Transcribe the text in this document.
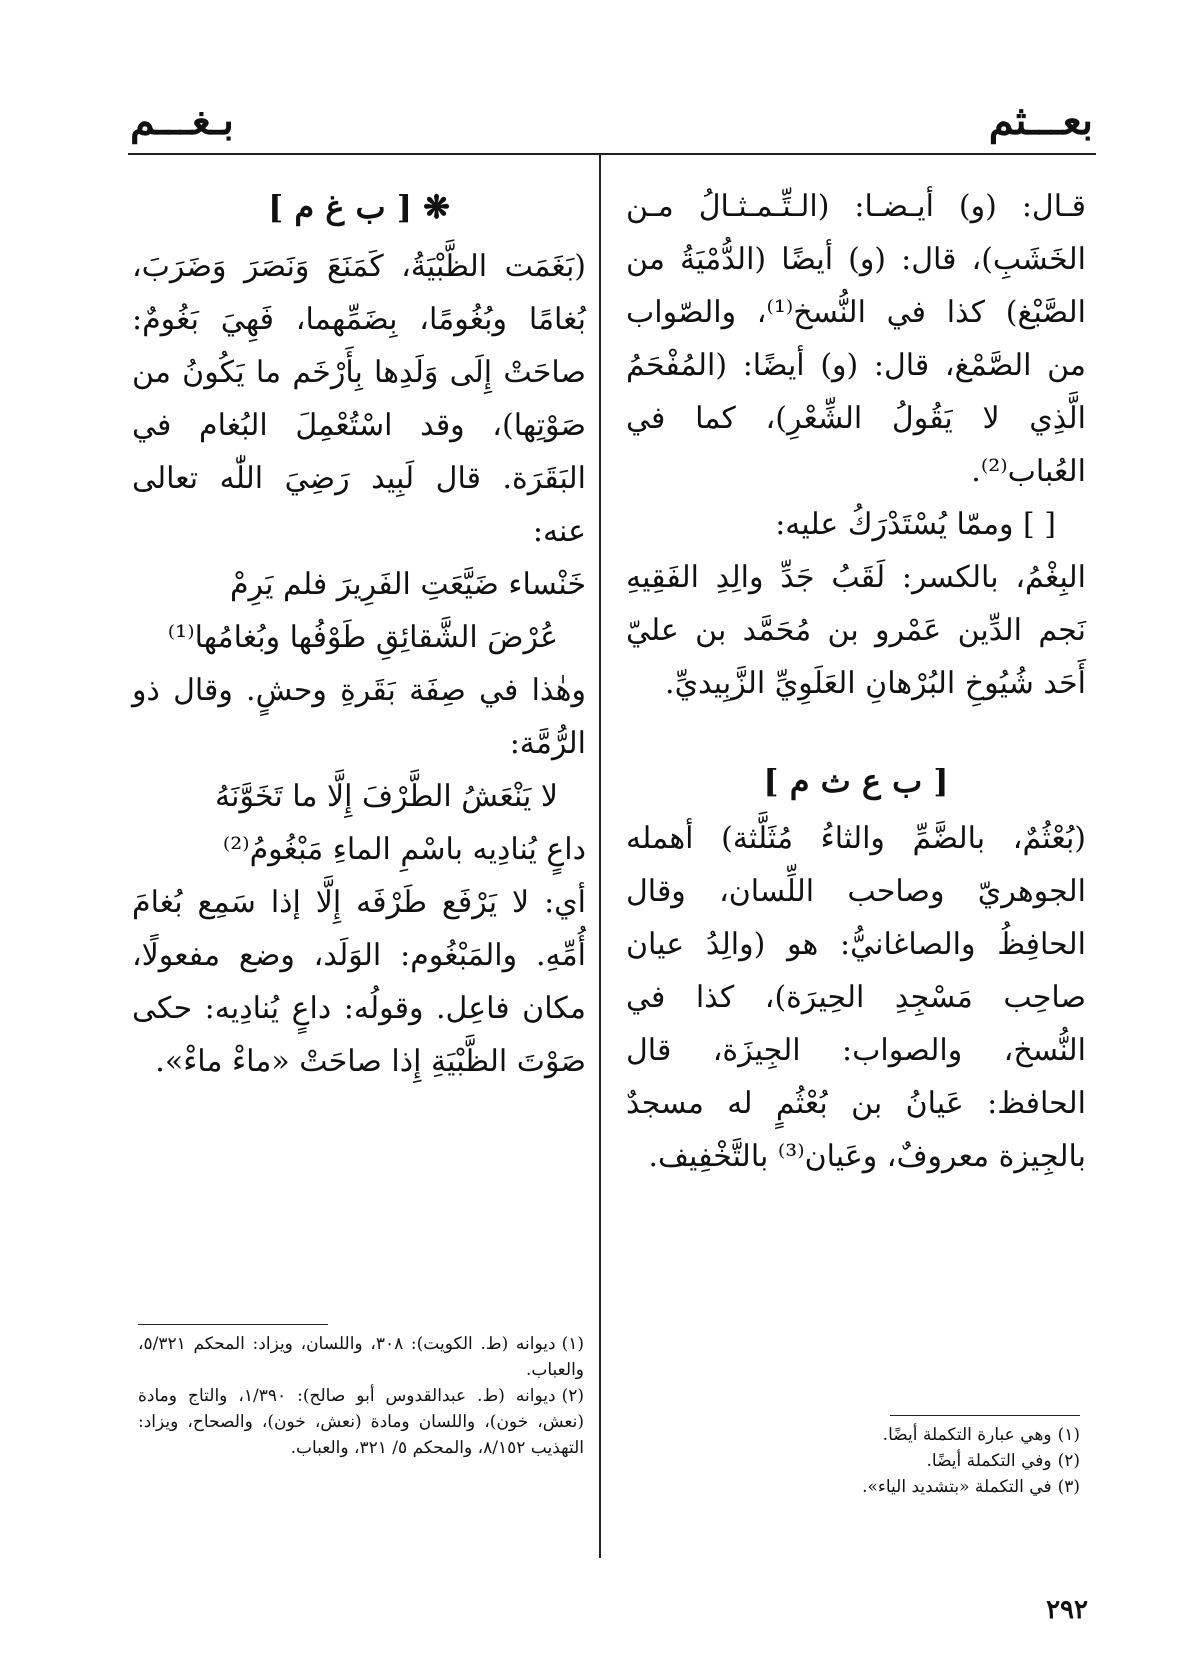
بعـــثم
بـغـــم

قـال: (و) أيـضـا: (الـتِّـمـثـالُ مـن الخَشَبِ)، قال: (و) أيضًا (الدُّمْيَةُ من الصَّبْغ) كذا في النُّسخ⁽¹⁾، والصّواب من الصَّمْغ، قال: (و) أيضًا: (المُفْحَمُ الَّذِي لا يَقُولُ الشِّعْرِ)، كما في العُباب⁽²⁾.

[ ] وممّا يُسْتَدْرَكُ عليه:

البِغْمُ، بالكسر: لَقَبُ جَدِّ والِدِ الفَقِيهِ نَجم الدِّين عَمْرو بن مُحَمَّد بن عليّ أَحَد شُيُوخِ البُرْهانِ العَلَوِيِّ الزَّبِيديِّ.

[ ب ع ث م ]

(بُعْثُمٌ، بالضَّمِّ والثاءُ مُثَلَّثة) أهمله الجوهريّ وصاحب اللِّسان، وقال الحافِظُ والصاغانيُّ: هو (والِدُ عيان صاحِب مَسْجِدِ الحِيرَة)، كذا في النُّسخ، والصواب: الجِيزَة، قال الحافظ: عَيانُ بن بُعْثُمٍ له مسجدٌ بالجِيزة معروفٌ، وعَيان⁽³⁾ بالتَّخْفِيف.

❋ [ ب غ م ]

(بَغَمَت الظَّبْيَةُ، كَمَنَعَ وَنَصَرَ وَضَرَبَ، بُغامًا وبُغُومًا، بِضَمِّهما، فَهِيَ بَغُومٌ: صاحَتْ إِلَى وَلَدِها بِأَرْخَم ما يَكُونُ من صَوْتِها)، وقد اسْتُعْمِلَ البُغام في البَقَرَة. قال لَبِيد رَضِيَ اللّٰه تعالى عنه:

خَنْساء ضَيَّعَتِ الفَرِيرَ فلم يَرِمْ

عُرْضَ الشَّقائِقِ طَوْفُها وبُغامُها⁽¹⁾

وهٰذا في صِفَة بَقَرةِ وحشٍ. وقال ذو الرُّمَّة:

لا يَنْعَشُ الطَّرْفَ إِلَّا ما تَخَوَّنَهُ

داعٍ يُنادِيه باسْمِ الماءِ مَبْغُومُ⁽²⁾

أي: لا يَرْفَع طَرْفَه إِلَّا إذا سَمِع بُغامَ أُمِّهِ. والمَبْغُوم: الوَلَد، وضع مفعولًا، مكان فاعِل. وقولُه: داعٍ يُنادِيه: حكى صَوْتَ الظَّبْيَةِ إِذا صاحَتْ «ماءْ ماءْ».

(١)ديوانه (ط. الكويت): ٣٠٨، واللسان، ويزاد: المحكم ٥/٣٢١، والعباب.

(٢)ديوانه (ط. عبدالقدوس أبو صالح): ١/٣٩٠، والتاج ومادة (نعش، خون)، واللسان ومادة (نعش، خون)، والصحاح، ويزاد: التهذيب ٨/١٥٢، والمحكم ٥/ ٣٢١، والعباب.

(١)وهي عبارة التكملة أيضًا.

(٢)وفي التكملة أيضًا.

(٣)في التكملة «بتشديد الياء».

٢٩٢
